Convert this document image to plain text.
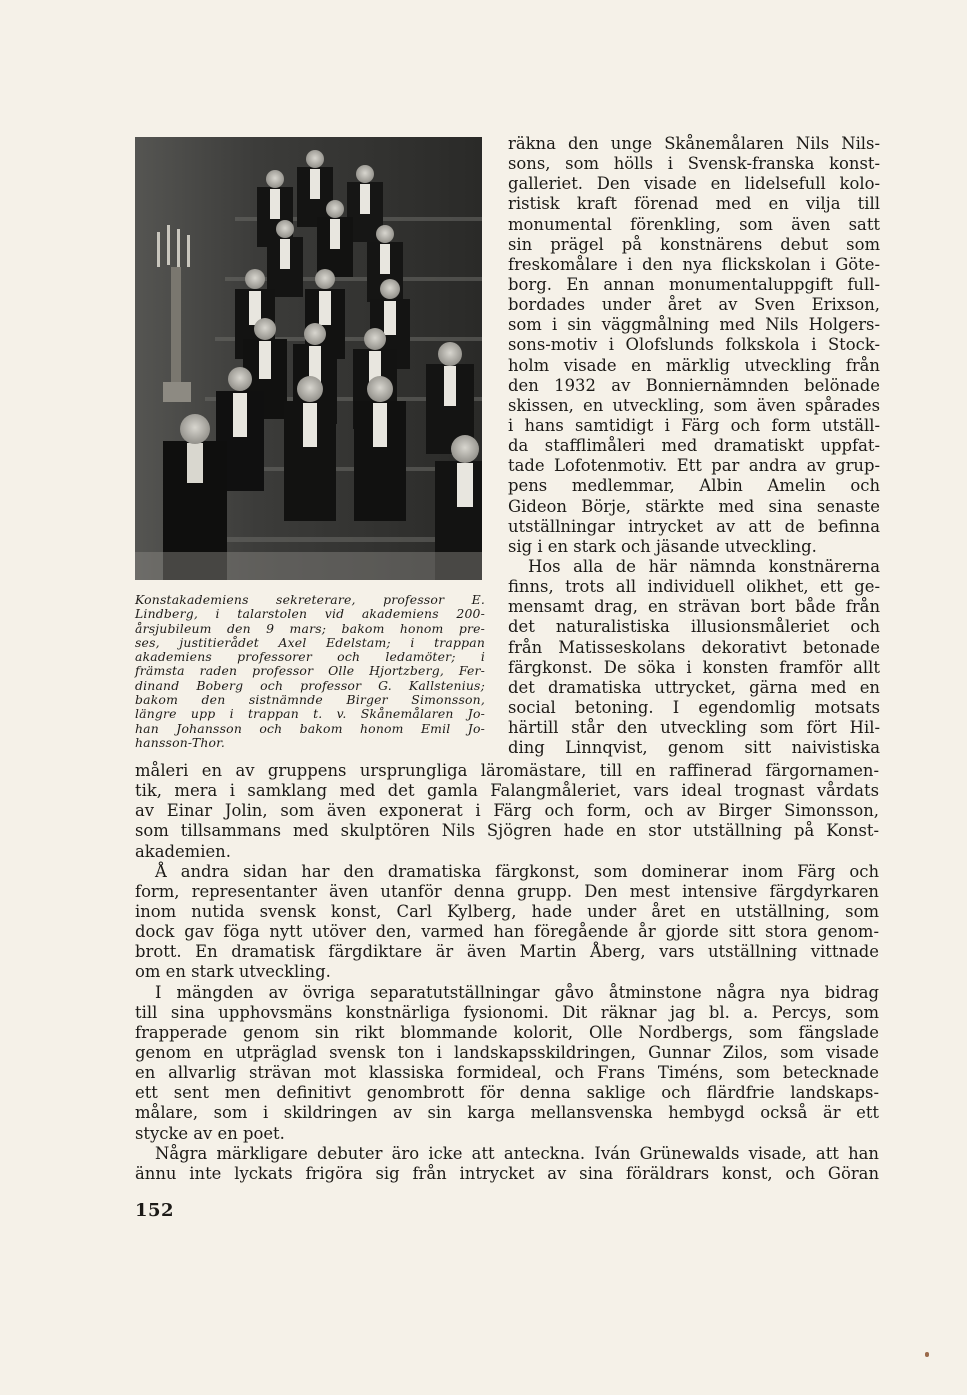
Konstakademiens sekreterare, professor E.
Lindberg, i talarstolen vid akademiens 200-
årsjubileum den 9 mars; bakom honom pre-
ses, justitierådet Axel Edelstam; i trappan
akademiens professorer och ledamöter; i
främsta raden professor Olle Hjortzberg, Fer-
dinand Boberg och professor G. Kallstenius;
bakom den sistnämnde Birger Simonsson,
längre upp i trappan t. v. Skånemålaren Jo-
han Johansson och bakom honom Emil Jo-
hansson-Thor.
räkna den unge Skånemålaren Nils Nils-
sons, som hölls i Svensk-franska konst-
galleriet. Den visade en lidelsefull kolo-
ristisk kraft förenad med en vilja till
monumental förenkling, som även satt
sin prägel på konstnärens debut som
freskomålare i den nya flickskolan i Göte-
borg. En annan monumentaluppgift full-
bordades under året av Sven Erixson,
som i sin väggmålning med Nils Holgers-
sons-motiv i Olofslunds folkskola i Stock-
holm visade en märklig utveckling från
den 1932 av Bonniernämnden belönade
skissen, en utveckling, som även spårades
i hans samtidigt i Färg och form utställ-
da stafflimåleri med dramatiskt uppfat-
tade Lofotenmotiv. Ett par andra av grup-
pens medlemmar, Albin Amelin och
Gideon Börje, stärkte med sina senaste
utställningar intrycket av att de befinna
sig i en stark och jäsande utveckling.
Hos alla de här nämnda konstnärerna
finns, trots all individuell olikhet, ett ge-
mensamt drag, en strävan bort både från
det naturalistiska illusionsmåleriet och
från Matisseskolans dekorativt betonade
färgkonst. De söka i konsten framför allt
det dramatiska uttrycket, gärna med en
social betoning. I egendomlig motsats
härtill står den utveckling som fört Hil-
ding Linnqvist, genom sitt naivistiska
måleri en av gruppens ursprungliga läromästare, till en raffinerad färgornamen-
tik, mera i samklang med det gamla Falangmåleriet, vars ideal trognast vårdats
av Einar Jolin, som även exponerat i Färg och form, och av Birger Simonsson,
som tillsammans med skulptören Nils Sjögren hade en stor utställning på Konst-
akademien.
Å andra sidan har den dramatiska färgkonst, som dominerar inom Färg och
form, representanter även utanför denna grupp. Den mest intensive färgdyrkaren
inom nutida svensk konst, Carl Kylberg, hade under året en utställning, som
dock gav föga nytt utöver den, varmed han föregående år gjorde sitt stora genom-
brott. En dramatisk färgdiktare är även Martin Åberg, vars utställning vittnade
om en stark utveckling.
I mängden av övriga separatutställningar gåvo åtminstone några nya bidrag
till sina upphovsmäns konstnärliga fysionomi. Dit räknar jag bl. a. Percys, som
frapperade genom sin rikt blommande kolorit, Olle Nordbergs, som fängslade
genom en utpräglad svensk ton i landskapsskildringen, Gunnar Zilos, som visade
en allvarlig strävan mot klassiska formideal, och Frans Timéns, som betecknade
ett sent men definitivt genombrott för denna saklige och flärdfrie landskaps-
målare, som i skildringen av sin karga mellansvenska hembygd också är ett
stycke av en poet.
Några märkligare debuter äro icke att anteckna. Iván Grünewalds visade, att han
ännu inte lyckats frigöra sig från intrycket av sina föräldrars konst, och Göran
152
